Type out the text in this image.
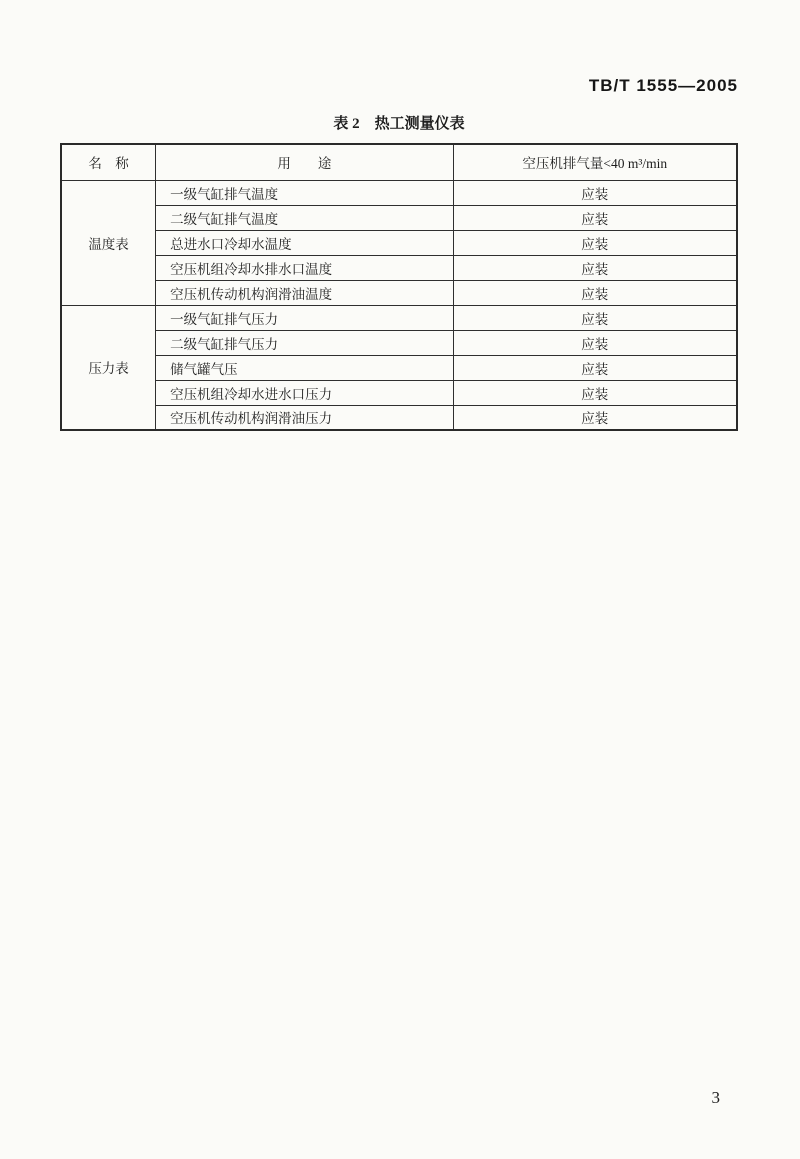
TB/T 1555—2005
表 2　热工测量仪表
名　称	用　　途	空压机排气量<40 m³/min
温度表	一级气缸排气温度	应装
	二级气缸排气温度	应装
	总进水口冷却水温度	应装
	空压机组冷却水排水口温度	应装
	空压机传动机构润滑油温度	应装
压力表	一级气缸排气压力	应装
	二级气缸排气压力	应装
	储气罐气压	应装
	空压机组冷却水进水口压力	应装
	空压机传动机构润滑油压力	应装
3
